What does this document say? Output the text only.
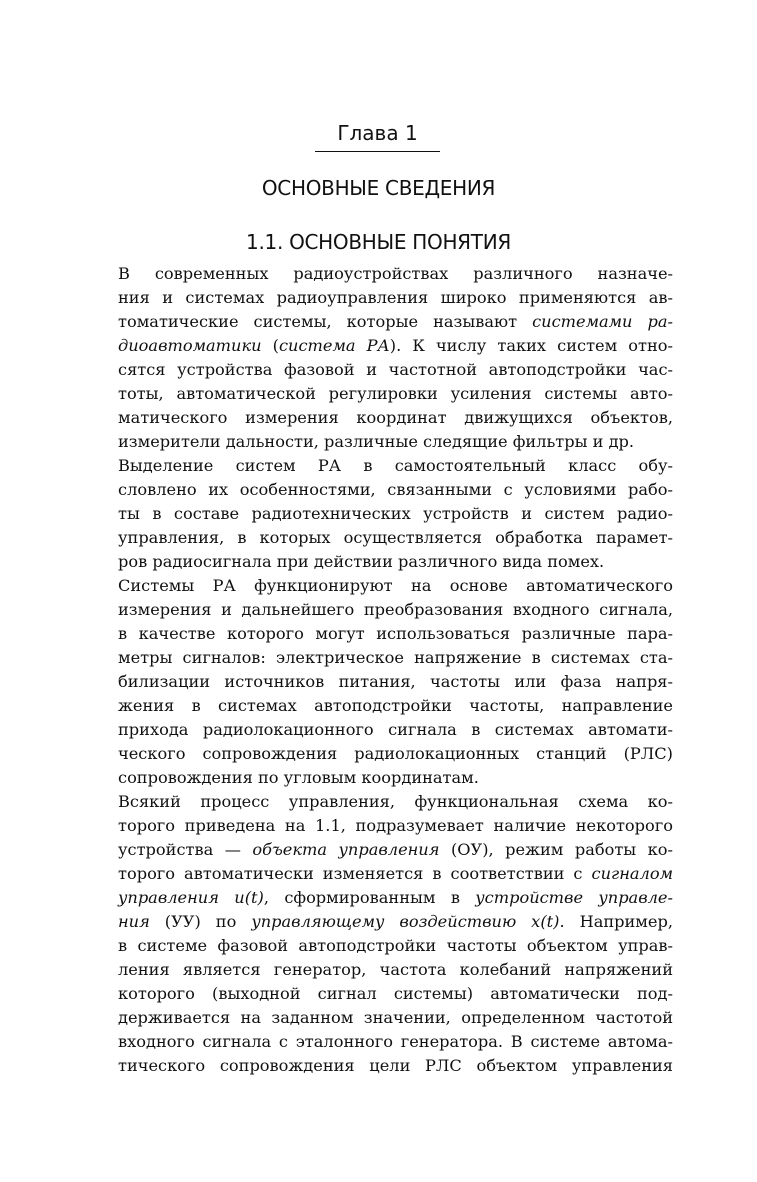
Глава 1
ОСНОВНЫЕ СВЕДЕНИЯ
1.1. ОСНОВНЫЕ ПОНЯТИЯ

В современных радиоустройствах различного назначе-
ния и системах радиоуправления широко применяются ав-
томатические системы, которые называют системами ра-
диоавтоматики (система РА). К числу таких систем отно-
сятся устройства фазовой и частотной автоподстройки час-
тоты, автоматической регулировки усиления системы авто-
матического измерения координат движущихся объектов,
измерители дальности, различные следящие фильтры и др.

Выделение систем РА в самостоятельный класс обу-
словлено их особенностями, связанными с условиями рабо-
ты в составе радиотехнических устройств и систем радио-
управления, в которых осуществляется обработка парамет-
ров радиосигнала при действии различного вида помех.

Системы РА функционируют на основе автоматического
измерения и дальнейшего преобразования входного сигнала,
в качестве которого могут использоваться различные пара-
метры сигналов: электрическое напряжение в системах ста-
билизации источников питания, частоты или фаза напря-
жения в системах автоподстройки частоты, направление
прихода радиолокационного сигнала в системах автомати-
ческого сопровождения радиолокационных станций (РЛС)
сопровождения по угловым координатам.

Всякий процесс управления, функциональная схема ко-
торого приведена на 1.1, подразумевает наличие некоторого
устройства — объекта управления (ОУ), режим работы ко-
торого автоматически изменяется в соответствии с сигналом
управления u(t), сформированным в устройстве управле-
ния (УУ) по управляющему воздействию x(t). Например,
в системе фазовой автоподстройки частоты объектом управ-
ления является генератор, частота колебаний напряжений
которого (выходной сигнал системы) автоматически под-
держивается на заданном значении, определенном частотой
входного сигнала с эталонного генератора. В системе автома-
тического сопровождения цели РЛС объектом управления
